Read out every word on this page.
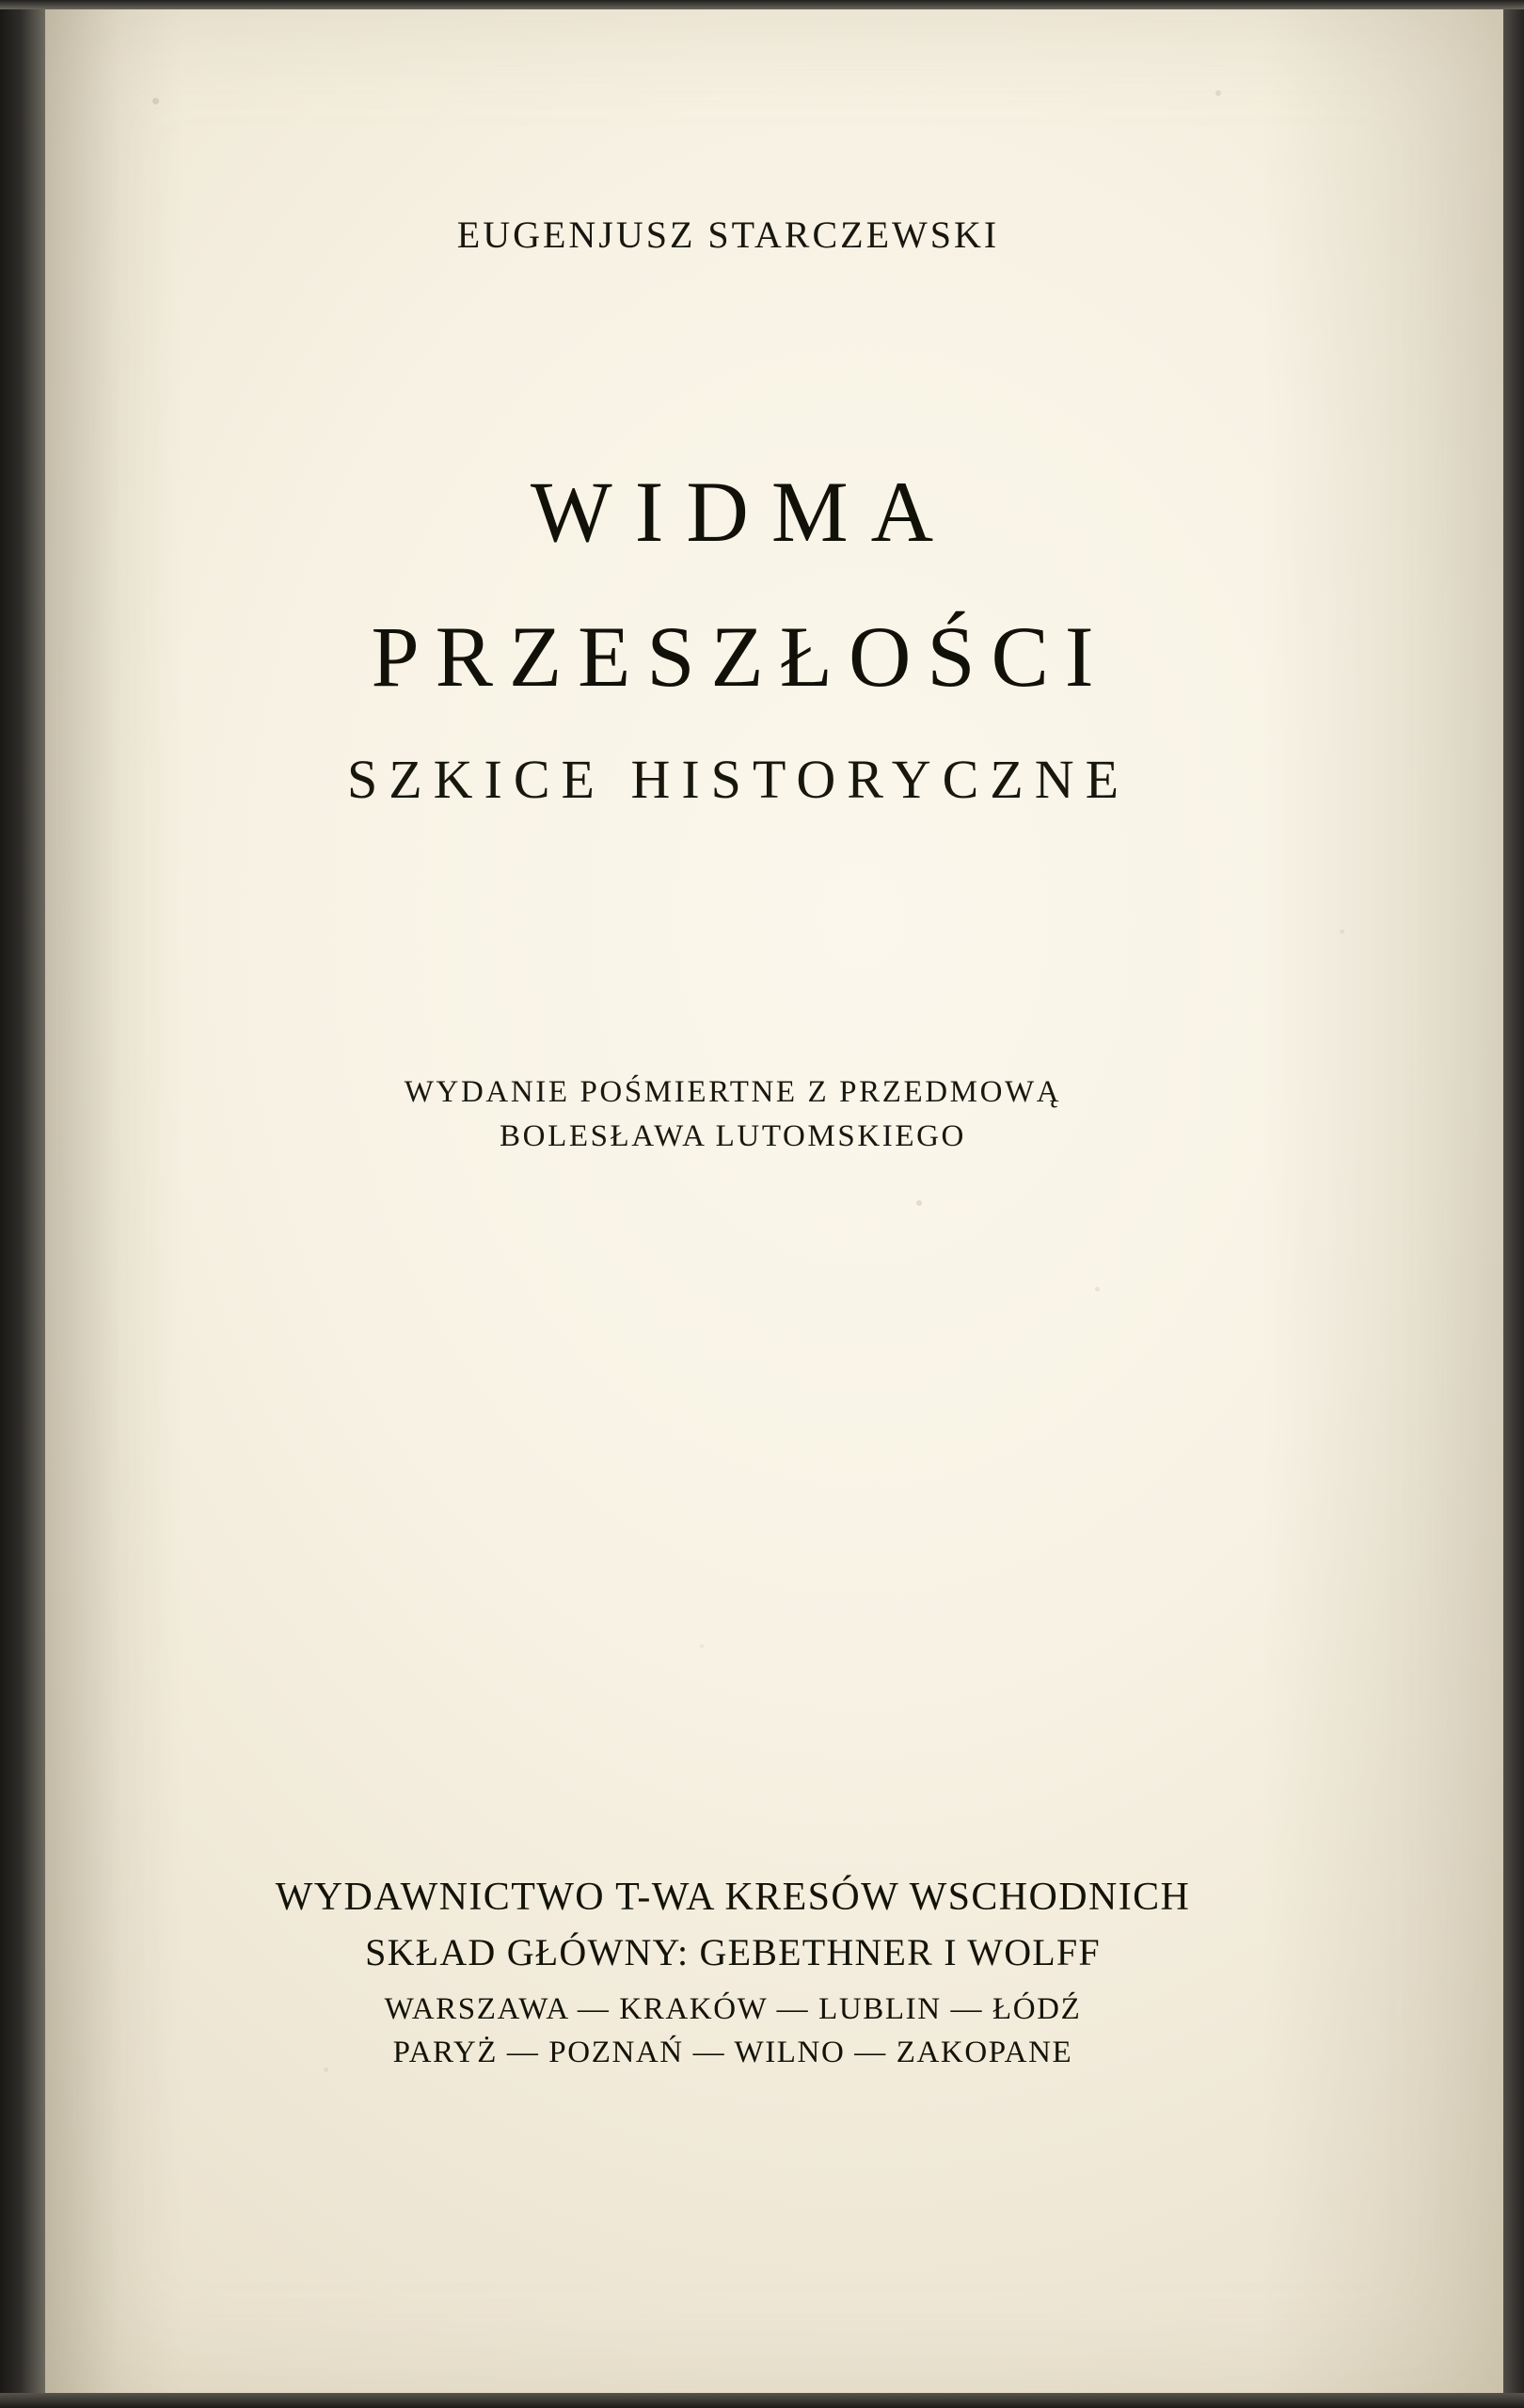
EUGENJUSZ STARCZEWSKI
WIDMA
PRZESZŁOŚCI
SZKICE HISTORYCZNE
WYDANIE POŚMIERTNE Z PRZEDMOWĄ
BOLESŁAWA LUTOMSKIEGO
WYDAWNICTWO T-WA KRESÓW WSCHODNICH
SKŁAD GŁÓWNY: GEBETHNER I WOLFF
WARSZAWA — KRAKÓW — LUBLIN — ŁÓDŹ
PARYŻ — POZNAŃ — WILNO — ZAKOPANE
